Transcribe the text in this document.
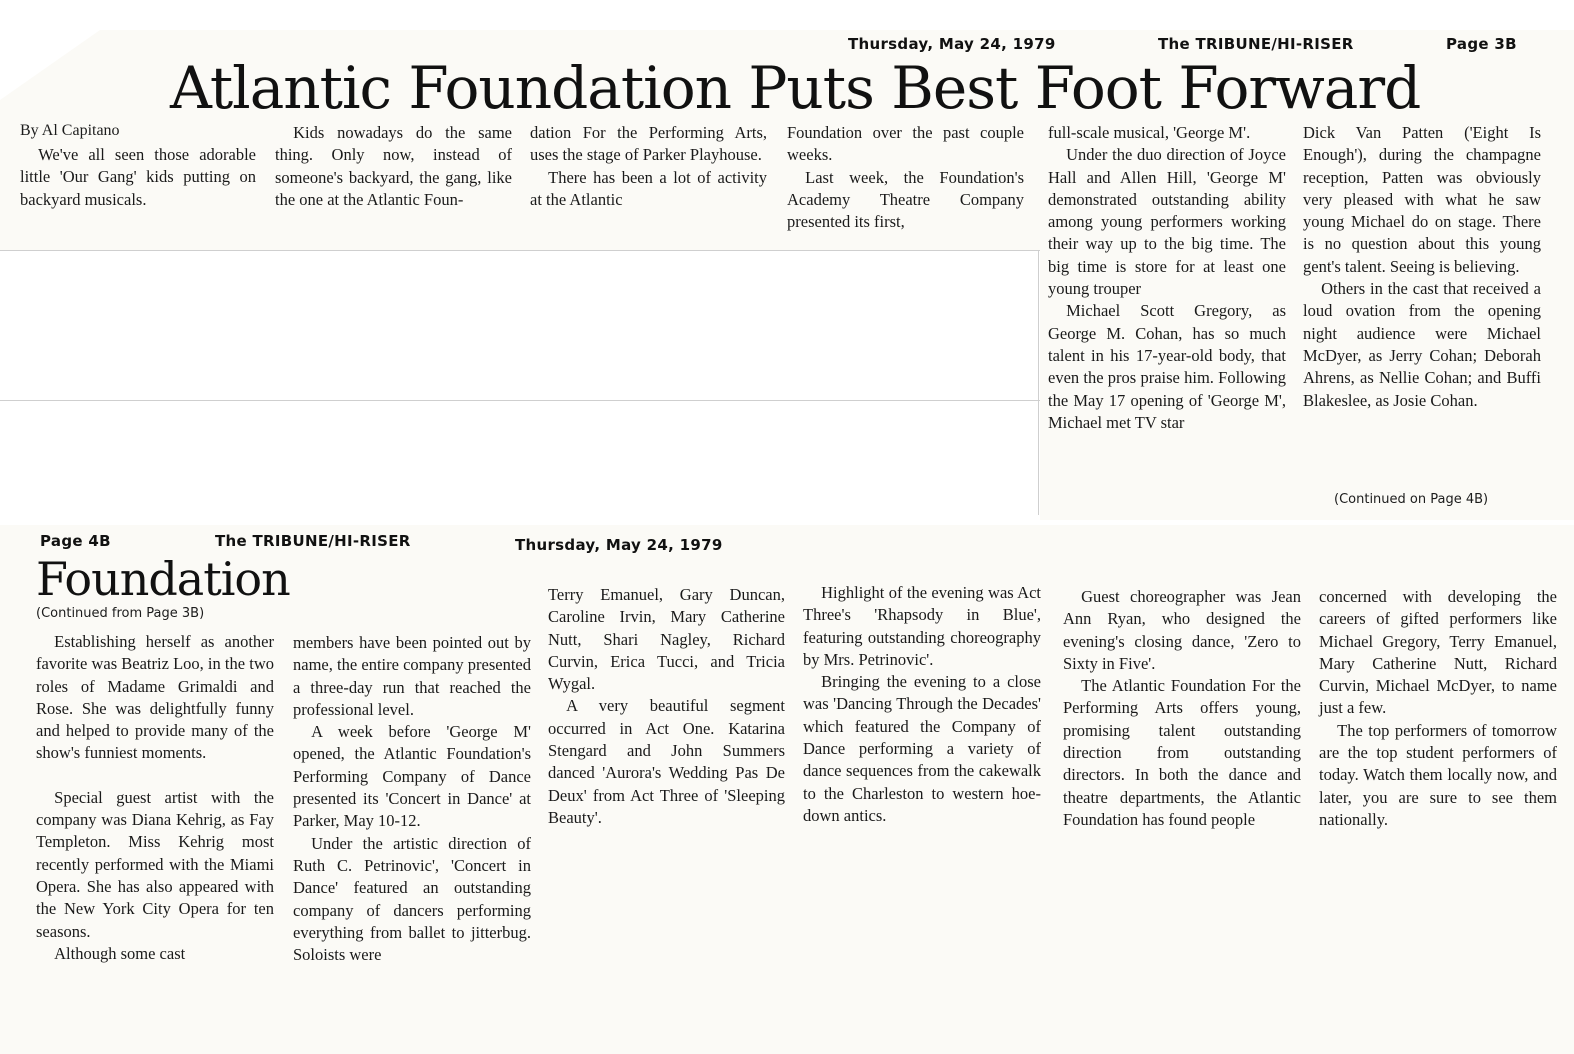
Thursday, May 24, 1979	The TRIBUNE/HI-RISER	Page 3B
Atlantic Foundation Puts Best Foot Forward
By Al Capitano

We've all seen those adorable little 'Our Gang' kids putting on backyard musicals.

Kids nowadays do the same thing. Only now, instead of someone's backyard, the gang, like the one at the Atlantic Foun-

dation For the Performing Arts, uses the stage of Parker Playhouse.

There has been a lot of activity at the Atlantic

Foundation over the past couple weeks.

Last week, the Foundation's Academy Theatre Company presented its first,

full-scale musical, 'George M'.

Under the duo direction of Joyce Hall and Allen Hill, 'George M' demonstrated outstanding ability among young performers working their way up to the big time. The big time is store for at least one young trouper

Michael Scott Gregory, as George M. Cohan, has so much talent in his 17-year-old body, that even the pros praise him. Following the May 17 opening of 'George M', Michael met TV star

Dick Van Patten ('Eight Is Enough'), during the champagne reception, Patten was obviously very pleased with what he saw young Michael do on stage. There is no question about this young gent's talent. Seeing is believing.

Others in the cast that received a loud ovation from the opening night audience were Michael McDyer, as Jerry Cohan; Deborah Ahrens, as Nellie Cohan; and Buffi Blakeslee, as Josie Cohan.

(Continued on Page 4B)
Page 4B	The TRIBUNE/HI-RISER	Thursday, May 24, 1979
Foundation
(Continued from Page 3B)

Establishing herself as another favorite was Beatriz Loo, in the two roles of Madame Grimaldi and Rose. She was delightfully funny and helped to provide many of the show's funniest moments.

Special guest artist with the company was Diana Kehrig, as Fay Templeton. Miss Kehrig most recently performed with the Miami Opera. She has also appeared with the New York City Opera for ten seasons.

Although some cast

members have been pointed out by name, the entire company presented a three-day run that reached the professional level.

A week before 'George M' opened, the Atlantic Foundation's Performing Company of Dance presented its 'Concert in Dance' at Parker, May 10-12.

Under the artistic direction of Ruth C. Petrinovic', 'Concert in Dance' featured an outstanding company of dancers performing everything from ballet to jitterbug. Soloists were

Terry Emanuel, Gary Duncan, Caroline Irvin, Mary Catherine Nutt, Shari Nagley, Richard Curvin, Erica Tucci, and Tricia Wygal.

A very beautiful segment occurred in Act One. Katarina Stengard and John Summers danced 'Aurora's Wedding Pas De Deux' from Act Three of 'Sleeping Beauty'.

Highlight of the evening was Act Three's 'Rhapsody in Blue', featuring outstanding choreography by Mrs. Petrinovic'.

Bringing the evening to a close was 'Dancing Through the Decades' which featured the Company of Dance performing a variety of dance sequences from the cakewalk to the Charleston to western hoe-down antics.

Guest choreographer was Jean Ann Ryan, who designed the evening's closing dance, 'Zero to Sixty in Five'.

The Atlantic Foundation For the Performing Arts offers young, promising talent outstanding direction from outstanding directors. In both the dance and theatre departments, the Atlantic Foundation has found people

concerned with developing the careers of gifted performers like Michael Gregory, Terry Emanuel, Mary Catherine Nutt, Richard Curvin, Michael McDyer, to name just a few.

The top performers of tomorrow are the top student performers of today. Watch them locally now, and later, you are sure to see them nationally.
